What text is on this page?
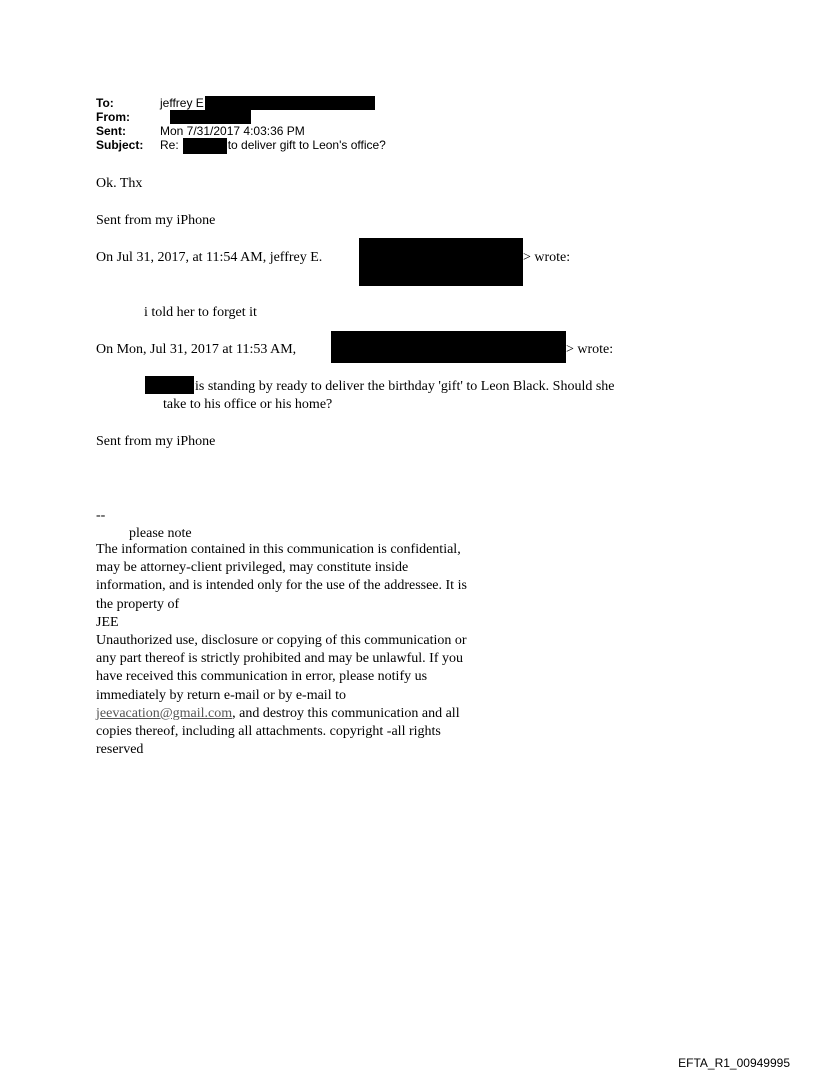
To:	jeffrey E
From:
Sent:	Mon 7/31/2017 4:03:36 PM
Subject: Re:	to deliver gift to Leon's office?
Ok. Thx
Sent from my iPhone
On Jul 31, 2017, at 11:54 AM, jeffrey E.	> wrote:
i told her to forget it
On Mon, Jul 31, 2017 at 11:53 AM,	> wrote:
is standing by ready to deliver the birthday 'gift' to Leon Black. Should she
take to his office or his home?
Sent from my iPhone
--
please note
The information contained in this communication is confidential, may be attorney-client privileged, may constitute inside information, and is intended only for the use of the addressee. It is the property of
JEE
Unauthorized use, disclosure or copying of this communication or any part thereof is strictly prohibited and may be unlawful. If you have received this communication in error, please notify us immediately by return e-mail or by e-mail to jeevacation@gmail.com, and destroy this communication and all copies thereof, including all attachments. copyright -all rights reserved
EFTA_R1_00949995
